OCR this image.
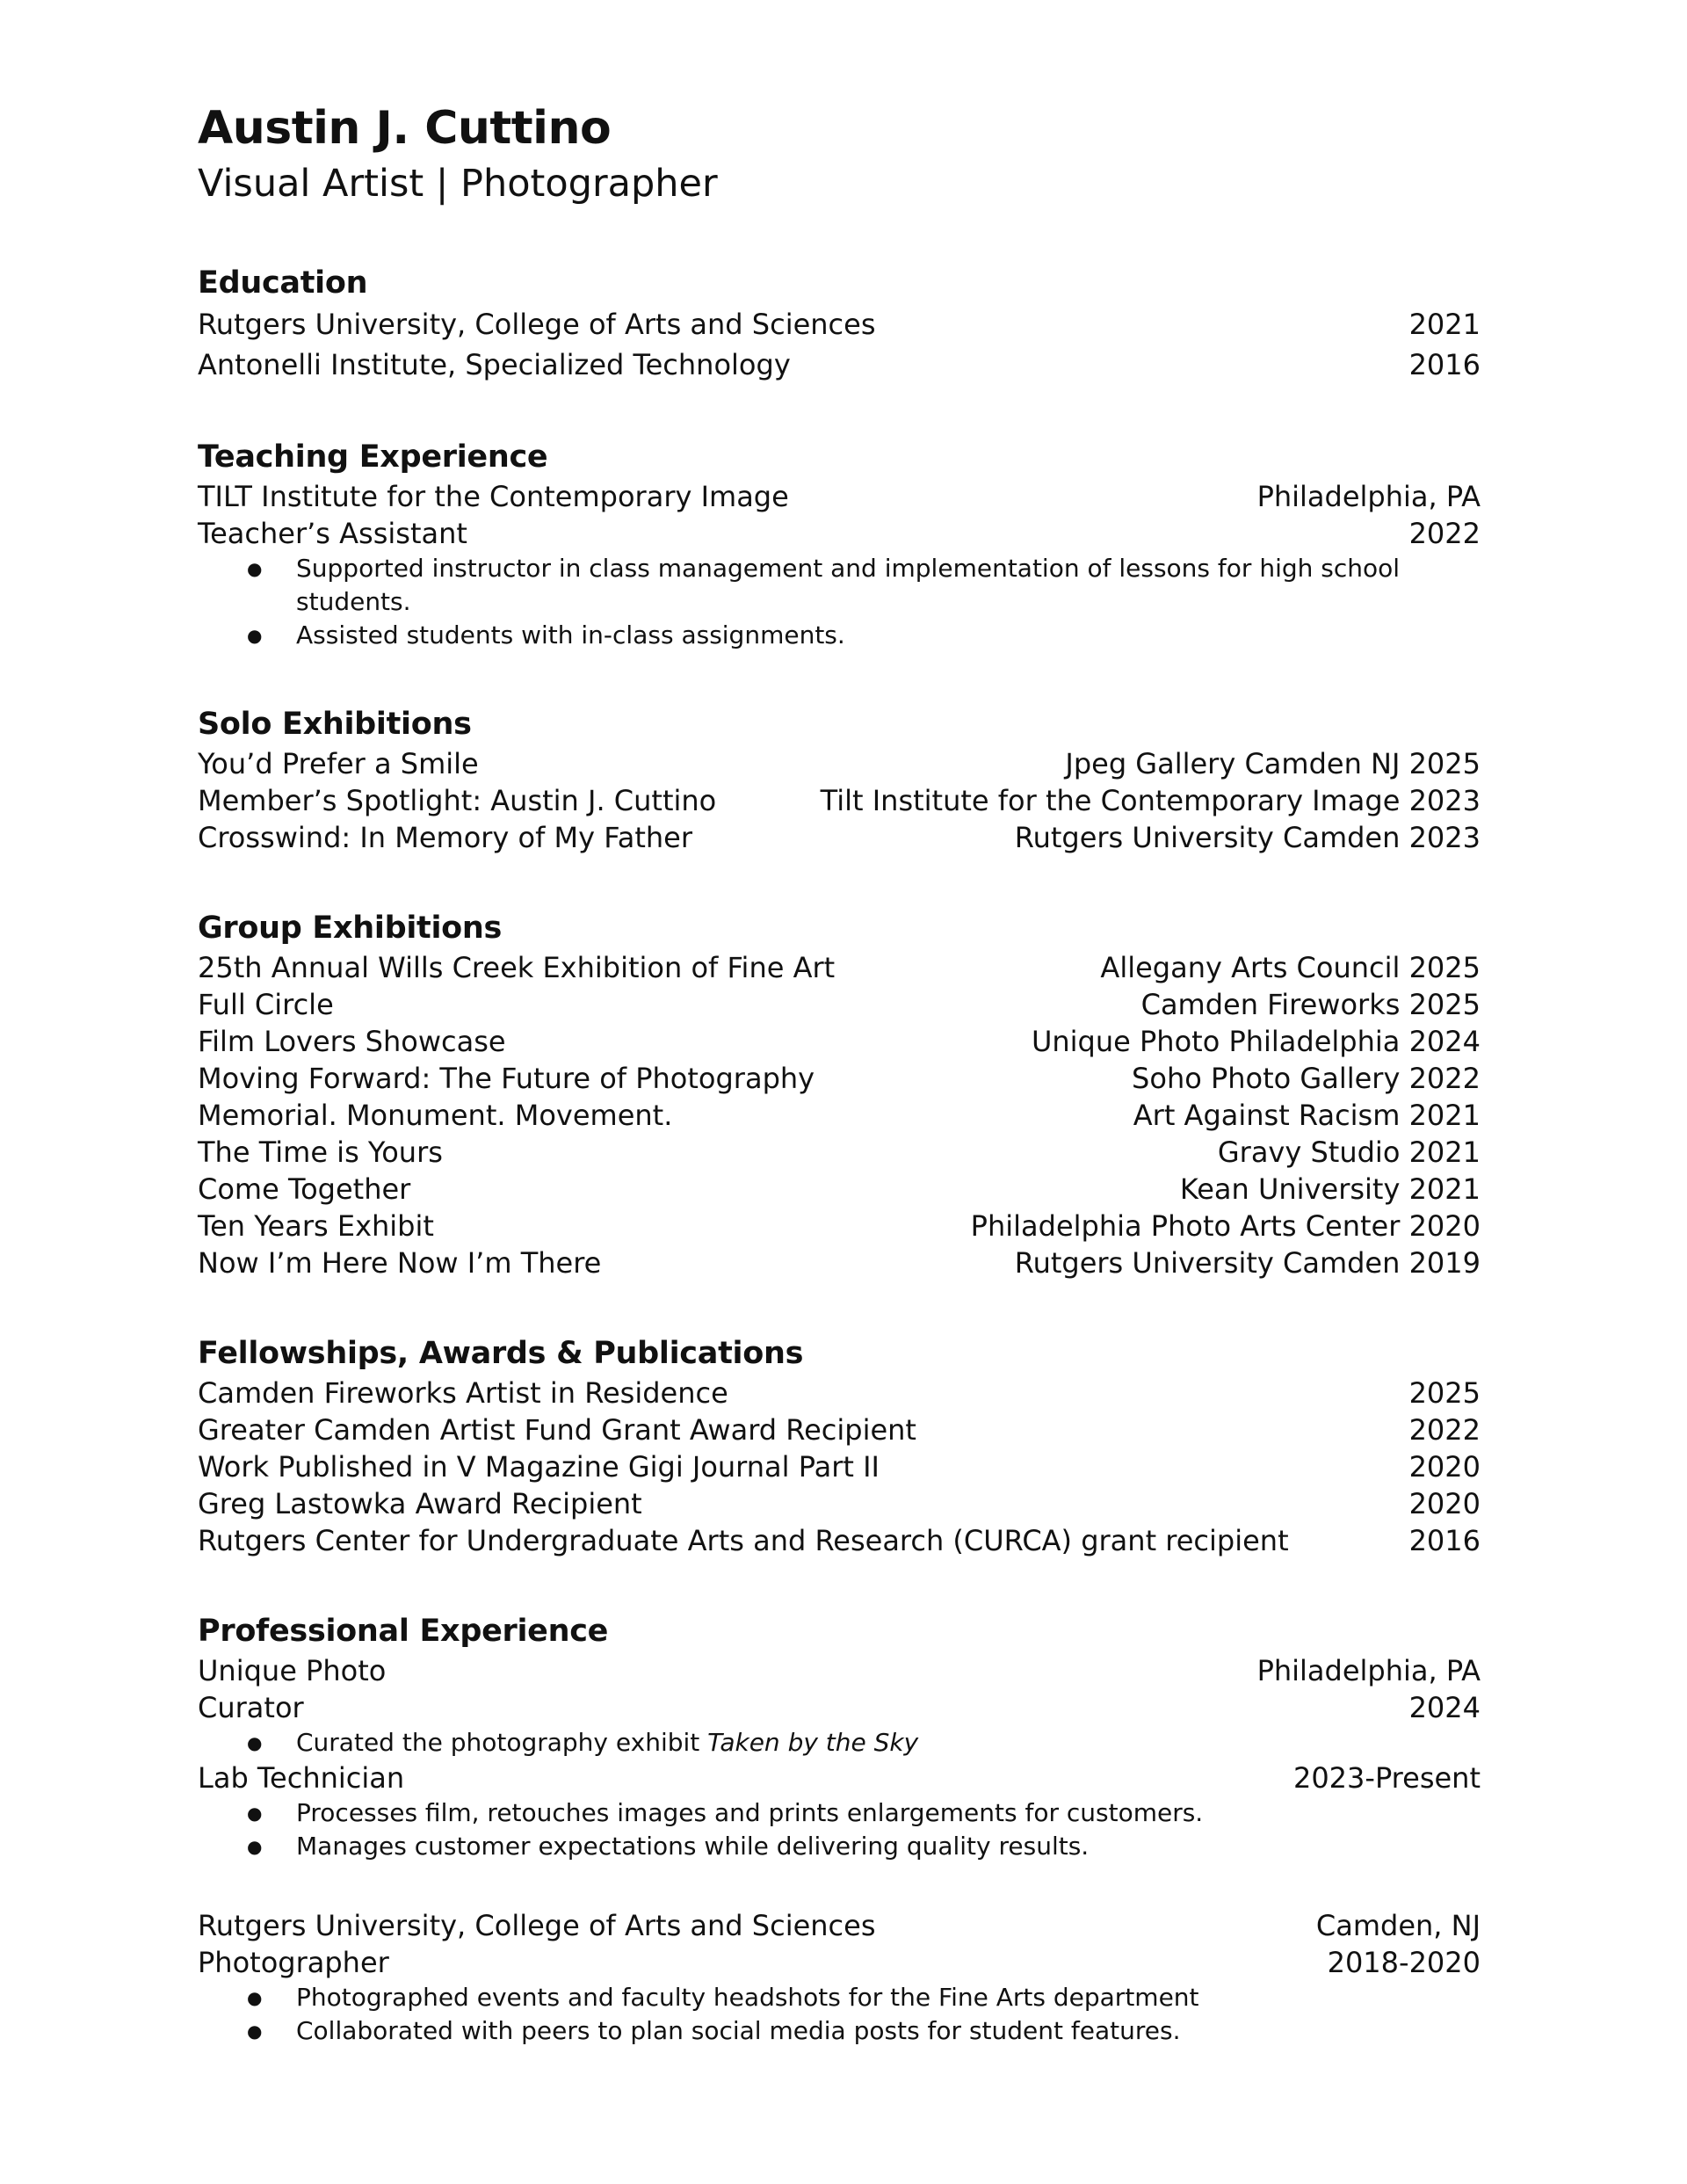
Austin J. Cuttino
Visual Artist | Photographer
Education
Rutgers University, College of Arts and Sciences	2021
Antonelli Institute, Specialized Technology	2016
Teaching Experience
TILT Institute for the Contemporary Image	Philadelphia, PA
Teacher’s Assistant	2022
● Supported instructor in class management and implementation of lessons for high school students.
● Assisted students with in-class assignments.
Solo Exhibitions
You’d Prefer a Smile	Jpeg Gallery Camden NJ 2025
Member’s Spotlight: Austin J. Cuttino	Tilt Institute for the Contemporary Image 2023
Crosswind: In Memory of My Father	Rutgers University Camden 2023
Group Exhibitions
25th Annual Wills Creek Exhibition of Fine Art	Allegany Arts Council 2025
Full Circle	Camden Fireworks 2025
Film Lovers Showcase	Unique Photo Philadelphia 2024
Moving Forward: The Future of Photography	Soho Photo Gallery 2022
Memorial. Monument. Movement.	Art Against Racism 2021
The Time is Yours	Gravy Studio 2021
Come Together	Kean University 2021
Ten Years Exhibit	Philadelphia Photo Arts Center 2020
Now I’m Here Now I’m There	Rutgers University Camden 2019
Fellowships, Awards & Publications
Camden Fireworks Artist in Residence	2025
Greater Camden Artist Fund Grant Award Recipient	2022
Work Published in V Magazine Gigi Journal Part II	2020
Greg Lastowka Award Recipient	2020
Rutgers Center for Undergraduate Arts and Research (CURCA) grant recipient	2016
Professional Experience
Unique Photo	Philadelphia, PA
Curator	2024
● Curated the photography exhibit Taken by the Sky
Lab Technician	2023-Present
● Processes film, retouches images and prints enlargements for customers.
● Manages customer expectations while delivering quality results.
Rutgers University, College of Arts and Sciences	Camden, NJ
Photographer	2018-2020
● Photographed events and faculty headshots for the Fine Arts department
● Collaborated with peers to plan social media posts for student features.
